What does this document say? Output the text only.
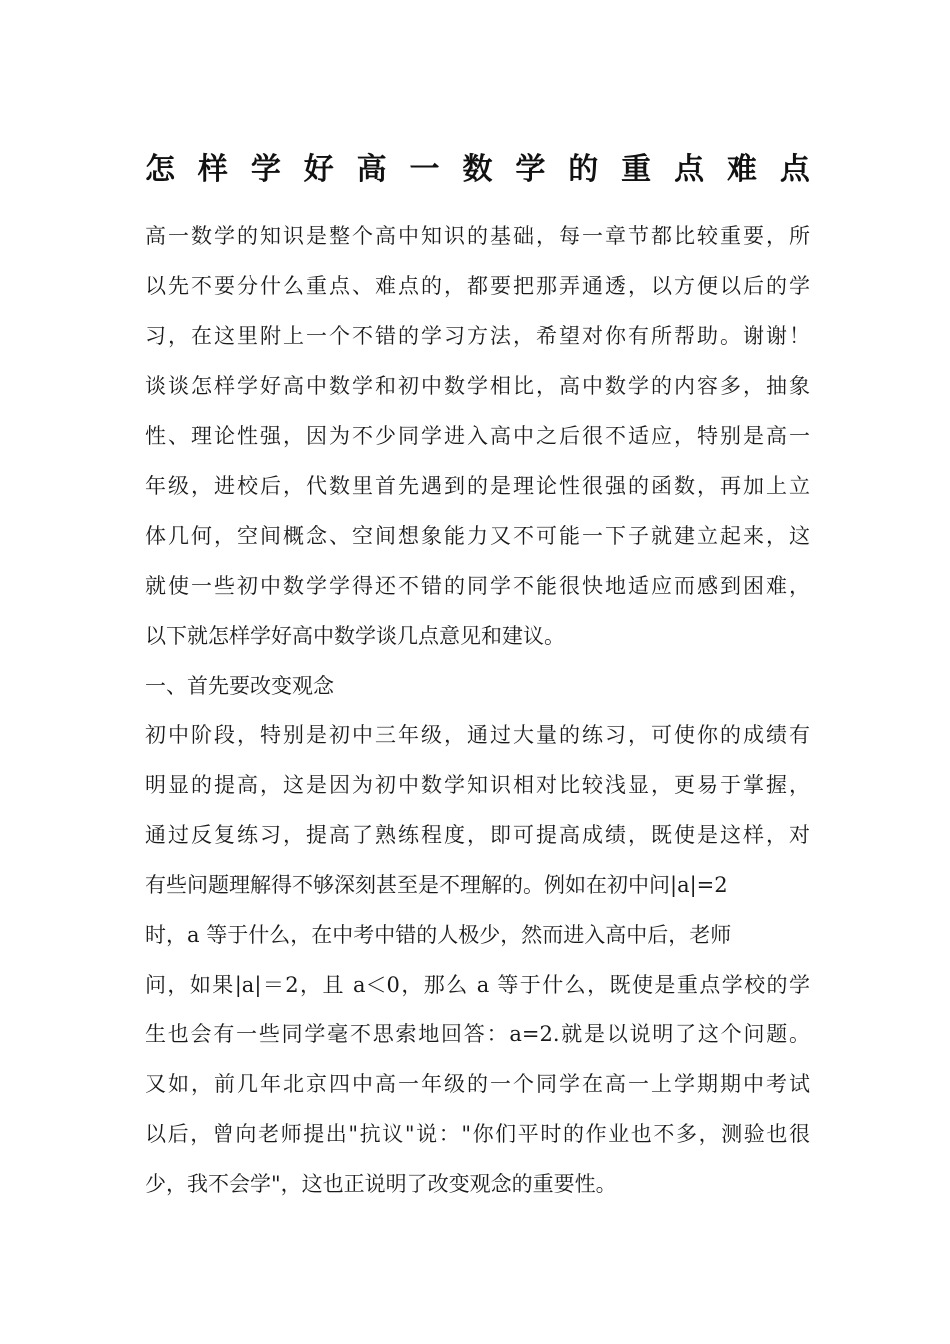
怎 样 学 好 高 一 数 学 的 重 点 难 点
高一数学的知识是整个高中知识的基础，每一章节都比较重要，所
以先不要分什么重点、难点的，都要把那弄通透，以方便以后的学
习，在这里附上一个不错的学习方法，希望对你有所帮助。谢谢！
谈谈怎样学好高中数学和初中数学相比，高中数学的内容多，抽象
性、理论性强，因为不少同学进入高中之后很不适应，特别是高一
年级，进校后，代数里首先遇到的是理论性很强的函数，再加上立
体几何，空间概念、空间想象能力又不可能一下子就建立起来，这
就使一些初中数学学得还不错的同学不能很快地适应而感到困难，
以下就怎样学好高中数学谈几点意见和建议。
一、首先要改变观念
初中阶段，特别是初中三年级，通过大量的练习，可使你的成绩有
明显的提高，这是因为初中数学知识相对比较浅显，更易于掌握，
通过反复练习，提高了熟练程度，即可提高成绩，既使是这样，对
有些问题理解得不够深刻甚至是不理解的。例如在初中问|a|=2
时，a 等于什么，在中考中错的人极少，然而进入高中后，老师
问，如果|a|＝2，且 a＜0，那么 a 等于什么，既使是重点学校的学
生也会有一些同学毫不思索地回答：a=2.就是以说明了这个问题。
又如，前几年北京四中高一年级的一个同学在高一上学期期中考试
以后，曾向老师提出"抗议"说："你们平时的作业也不多，测验也很
少，我不会学"，这也正说明了改变观念的重要性。
